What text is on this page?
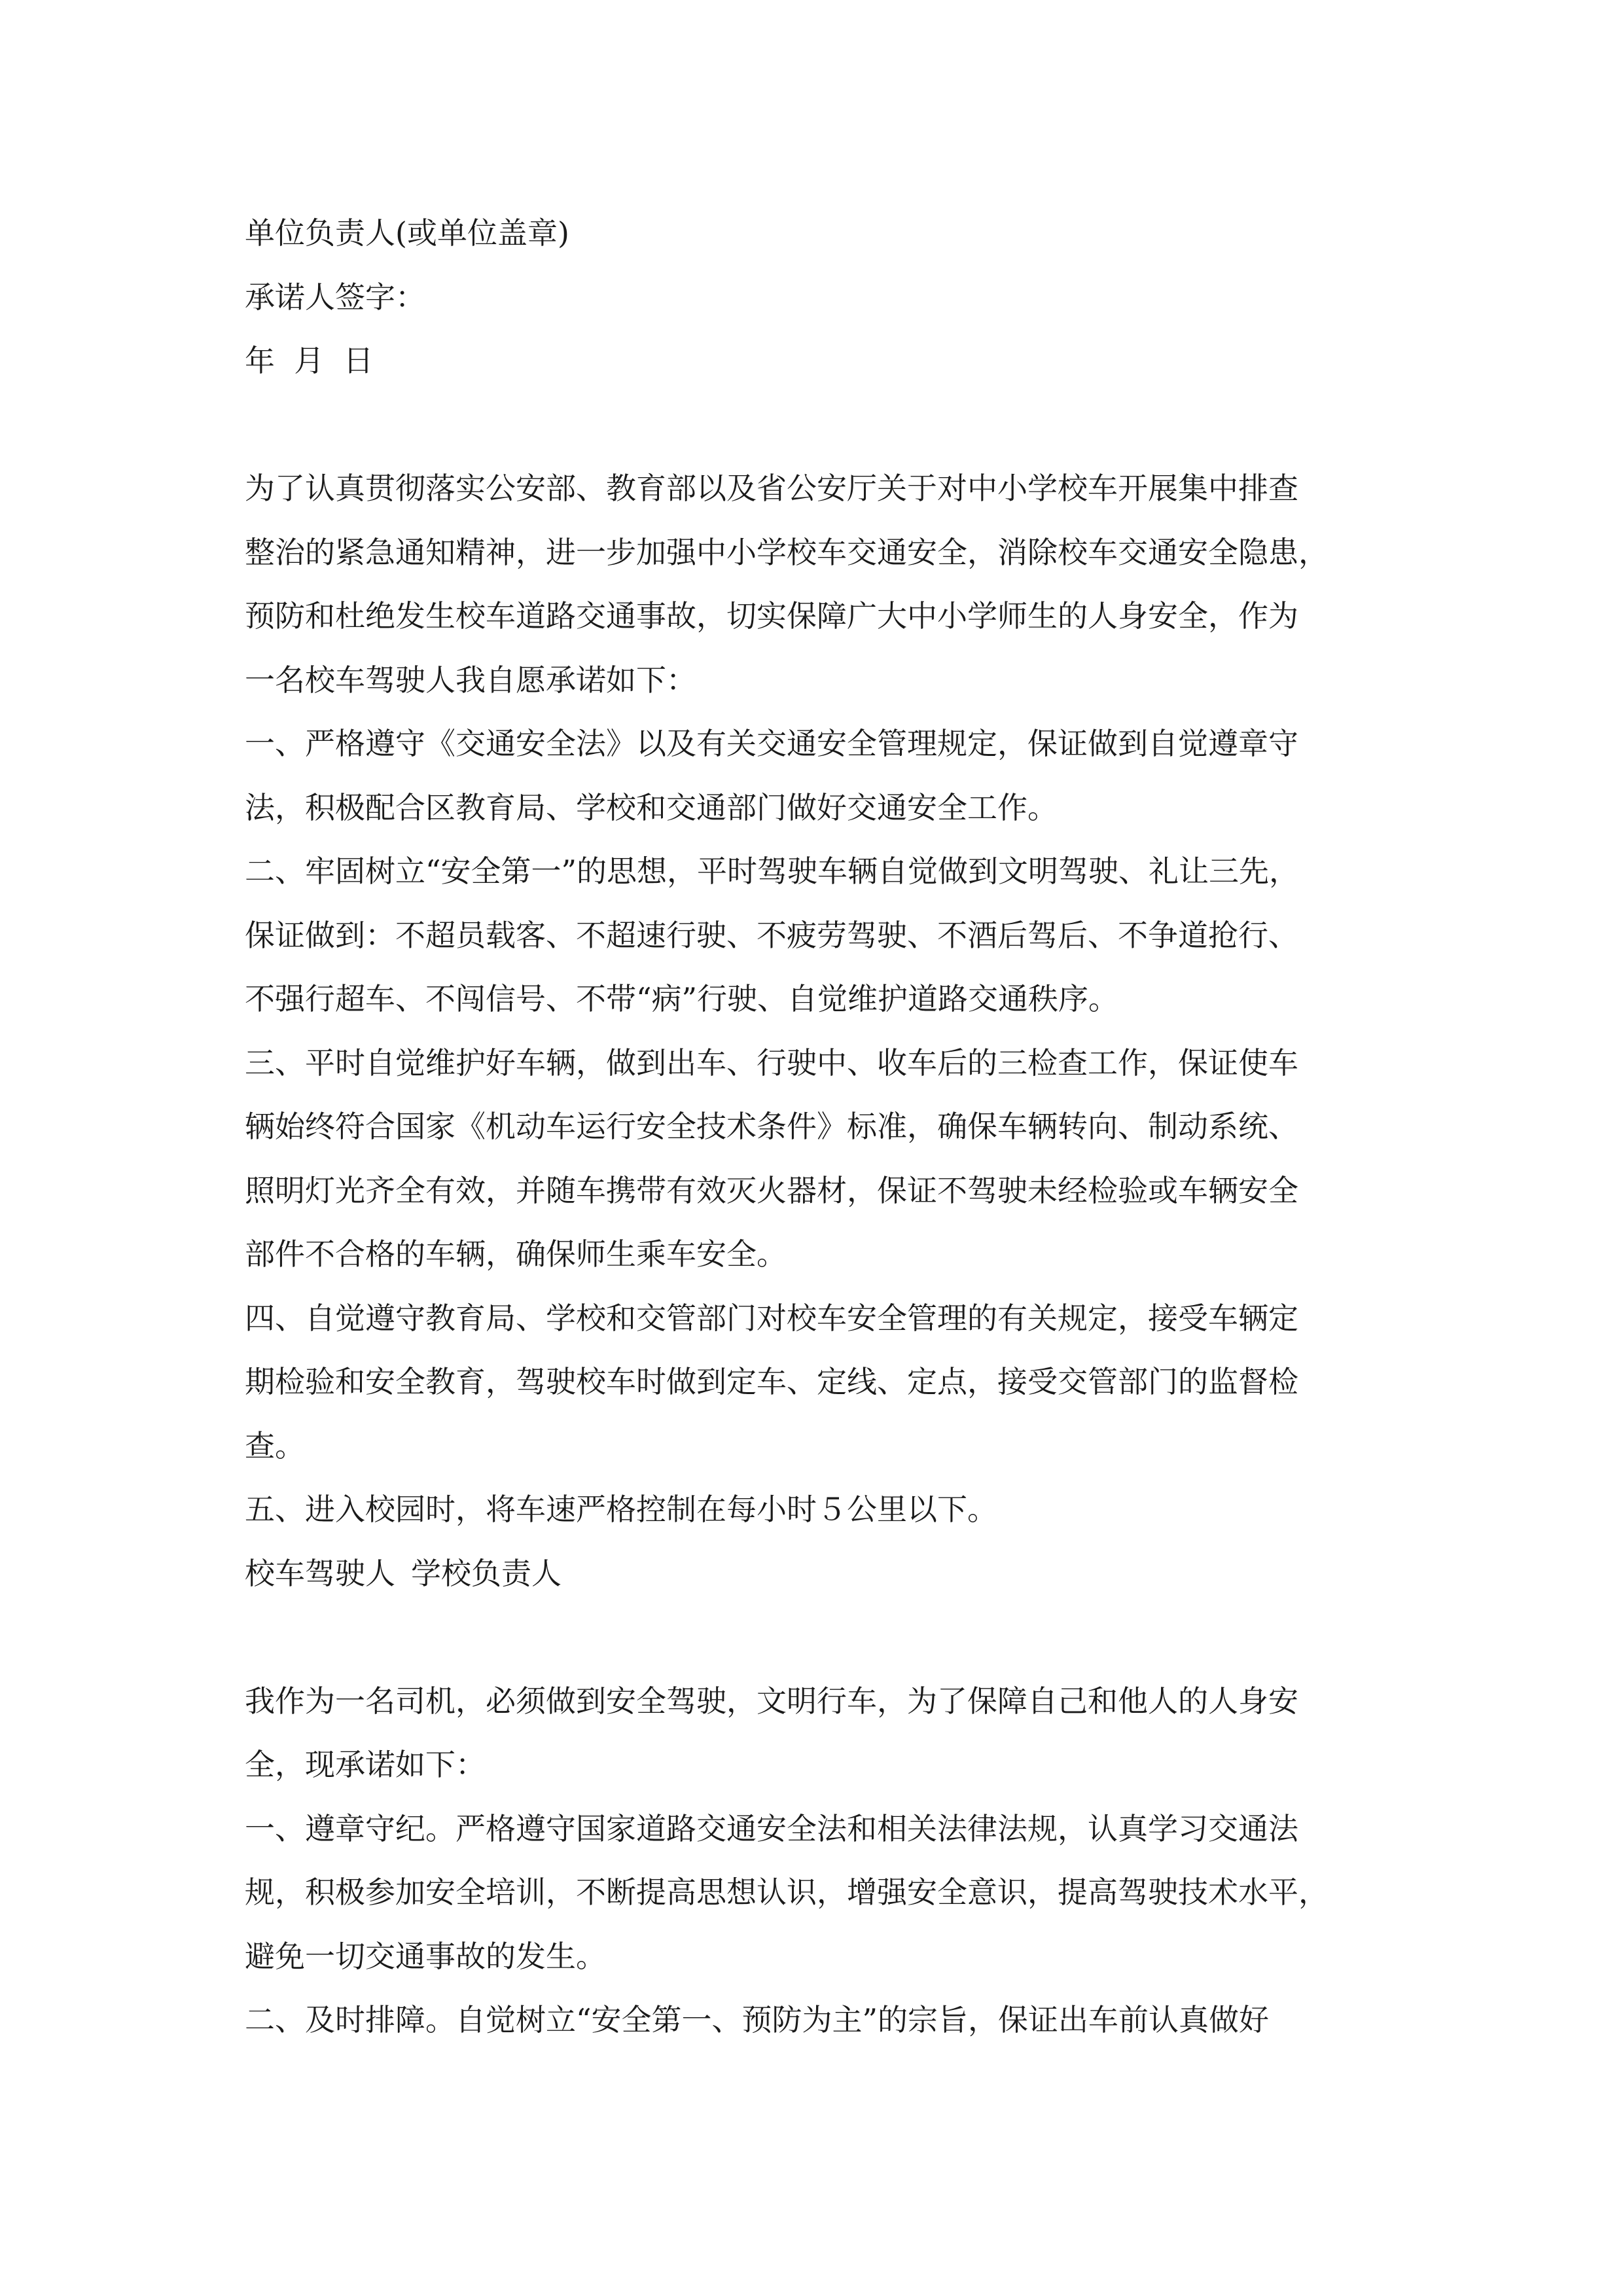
单位负责人(或单位盖章)

承诺人签字：

年  月  日

为了认真贯彻落实公安部、教育部以及省公安厅关于对中小学校车开展集中排查

整治的紧急通知精神，进一步加强中小学校车交通安全，消除校车交通安全隐患，

预防和杜绝发生校车道路交通事故，切实保障广大中小学师生的人身安全，作为

一名校车驾驶人我自愿承诺如下：

一、严格遵守《交通安全法》以及有关交通安全管理规定，保证做到自觉遵章守

法，积极配合区教育局、学校和交通部门做好交通安全工作。

二、牢固树立“安全第一”的思想，平时驾驶车辆自觉做到文明驾驶、礼让三先，

保证做到：不超员载客、不超速行驶、不疲劳驾驶、不酒后驾后、不争道抢行、

不强行超车、不闯信号、不带“病”行驶、自觉维护道路交通秩序。

三、平时自觉维护好车辆，做到出车、行驶中、收车后的三检查工作，保证使车

辆始终符合国家《机动车运行安全技术条件》标准，确保车辆转向、制动系统、

照明灯光齐全有效，并随车携带有效灭火器材，保证不驾驶未经检验或车辆安全

部件不合格的车辆，确保师生乘车安全。

四、自觉遵守教育局、学校和交管部门对校车安全管理的有关规定，接受车辆定

期检验和安全教育，驾驶校车时做到定车、定线、定点，接受交管部门的监督检

查。

五、进入校园时，将车速严格控制在每小时５公里以下。

校车驾驶人 学校负责人

我作为一名司机，必须做到安全驾驶，文明行车，为了保障自己和他人的人身安

全，现承诺如下：

一、遵章守纪。严格遵守国家道路交通安全法和相关法律法规，认真学习交通法

规，积极参加安全培训，不断提高思想认识，增强安全意识，提高驾驶技术水平，

避免一切交通事故的发生。

二、及时排障。自觉树立“安全第一、预防为主”的宗旨，保证出车前认真做好
